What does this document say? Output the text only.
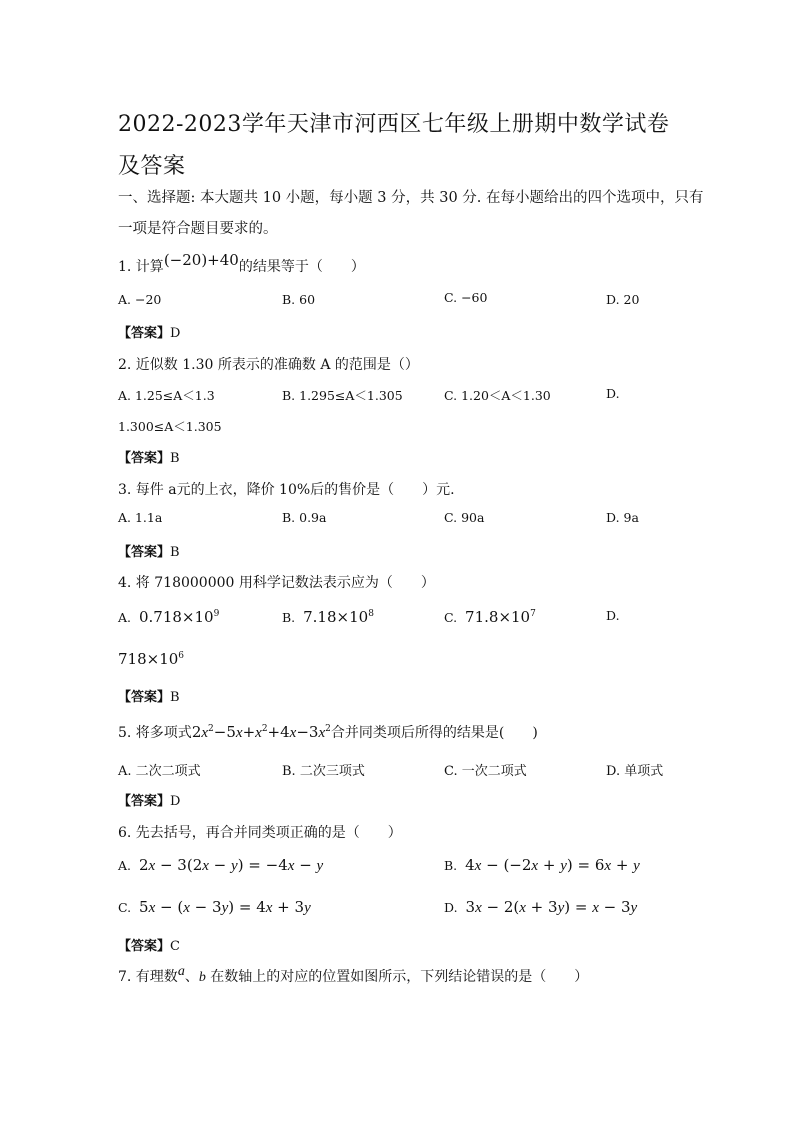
2022-2023学年天津市河西区七年级上册期中数学试卷及答案
一、选择题: 本大题共 10 小题，每小题 3 分，共 30 分. 在每小题给出的四个选项中，只有
一项是符合题目要求的。
1. 计算(−20)+40的结果等于（　　）
A. −20	B. 60	C. −60	D. 20
【答案】D
2. 近似数 1.30 所表示的准确数 A 的范围是（）
A. 1.25≤A＜1.3	B. 1.295≤A＜1.305	C. 1.20＜A＜1.30	D.
1.300≤A＜1.305
【答案】B
3. 每件 a元的上衣，降价 10%后的售价是（　　）元.
A. 1.1a	B. 0.9a	C. 90a	D. 9a
【答案】B
4. 将 718000000 用科学记数法表示应为（　　）
A. $0.718\times 10^9$	B. $7.18\times 10^8$	C. $71.8\times 10^7$	D.
$718\times 10^6$
【答案】B
5. 将多项式$2x^2-5x+x^2+4x-3x^2$合并同类项后所得的结果是(　　)
A. 二次二项式	B. 二次三项式	C. 一次二项式	D. 单项式
【答案】D
6. 先去括号，再合并同类项正确的是（　　）
A. 2x − 3(2x − y) = −4x − y	B. 4x − (−2x + y) = 6x + y
C. 5x − (x − 3y) = 4x + 3y	D. 3x − 2(x + 3y) = x − 3y
【答案】C
7. 有理数a、b 在数轴上的对应的位置如图所示，下列结论错误的是（　　）
